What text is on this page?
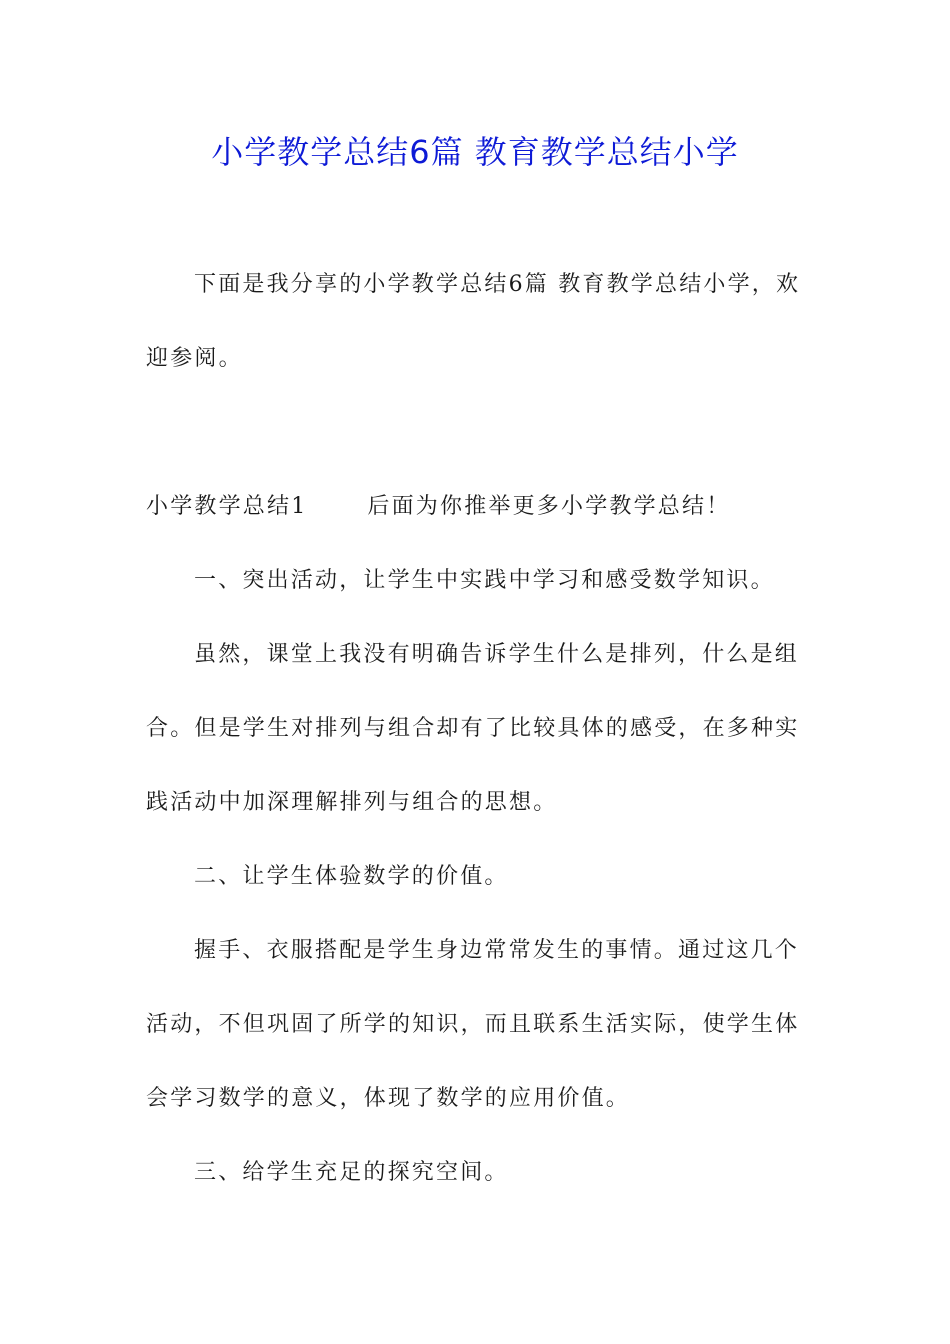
小学教学总结6篇 教育教学总结小学

下面是我分享的小学教学总结6篇 教育教学总结小学，欢迎参阅。

小学教学总结1	后面为你推举更多小学教学总结！

一、突出活动，让学生中实践中学习和感受数学知识。

虽然，课堂上我没有明确告诉学生什么是排列，什么是组合。但是学生对排列与组合却有了比较具体的感受，在多种实践活动中加深理解排列与组合的思想。

二、让学生体验数学的价值。

握手、衣服搭配是学生身边常常发生的事情。通过这几个活动，不但巩固了所学的知识，而且联系生活实际，使学生体会学习数学的意义，体现了数学的应用价值。

三、给学生充足的探究空间。
